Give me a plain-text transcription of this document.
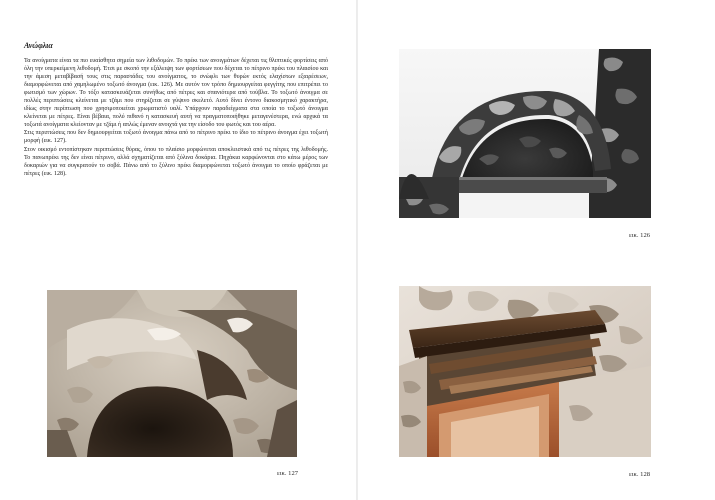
Ανώφλια

Τα ανοίγματα είναι τα πιο ευαίσθητα σημεία των λιθοδομών. Το πρέκι των ανοιγμάτων δέχεται τις θλιπτικές φορτίσεις από όλη την υπερκείμενη λιθοδομή. Έτσι με σκοπό την εξάλειψη των φορτίσεων που δέχεται το πέτρινο πρέκι του πλαισίου και την άμεση μεταβίβασή τους στις παραστάδες του ανοίγματος, το σνώφλι των θυρών εκτός ελαχίστων εξαιρέσεων, διαμορφώνεται από χαμηλωμένο τοξωτό άνοιγμα (εικ. 126). Με αυτόν τον τρόπο δημιουργείται φεγγίτης που επιτρέπει το φωτισμό των χώρων. Το τόξο κατασκευάζεται συνήθως από πέτρες και σπανιότερα από τούβλα. Το τοξωτό άνοιγμα σε πολλές περιπτώσεις κλείνεται με τζάμι που στηρίζεται σε γύψινο σκελετό. Αυτό δίνει έντονο διακοσμητικό χαρακτήρα, ιδίως στην περίπτωση που χρησιμοποιείται χρωματιστό υαλί. Υπάρχουν παραδείγματα στα οποία το τοξωτό άνοιγμα κλείνεται με πέτρες. Είναι βέβαια, πολύ πιθανό η κατασκευή αυτή να πραγματοποιήθηκε μεταγενέστερα, ενώ αρχικά τα τοξωτά ανοίγματα κλείονταν με τζάμι ή απλώς έμεναν ανοιχτά για την είσοδο του φωτός και του αέρα.

Στις περιπτώσεις που δεν δημιουργείται τοξωτό άνοιγμα πάνω από το πέτρινο πρέκι το ίδιο το πέτρινο άνοιγμα έχει τοξωτή μορφή (εικ. 127).

Στον οικισμό εντοπίστηκαν περιπτώσεις θύρας, όπου το πλαίσιο μορφώνεται αποκλειστικά από τις πέτρες της λιθοδομής. Το πανωπρέκι της δεν είναι πέτρινο, αλλά σχηματίζεται από ξύλινα δοκάρια. Πηχάκια καρφώνονται στο κάτω μέρος των δοκαριών για να συγκρατούν το σοβά. Πάνω από το ξύλινο πρέκι διαμορφώνεται τοξωτό άνοιγμα το οποίο φράζεται με πέτρες (εικ. 128).

εικ. 126
εικ. 127	εικ. 128
